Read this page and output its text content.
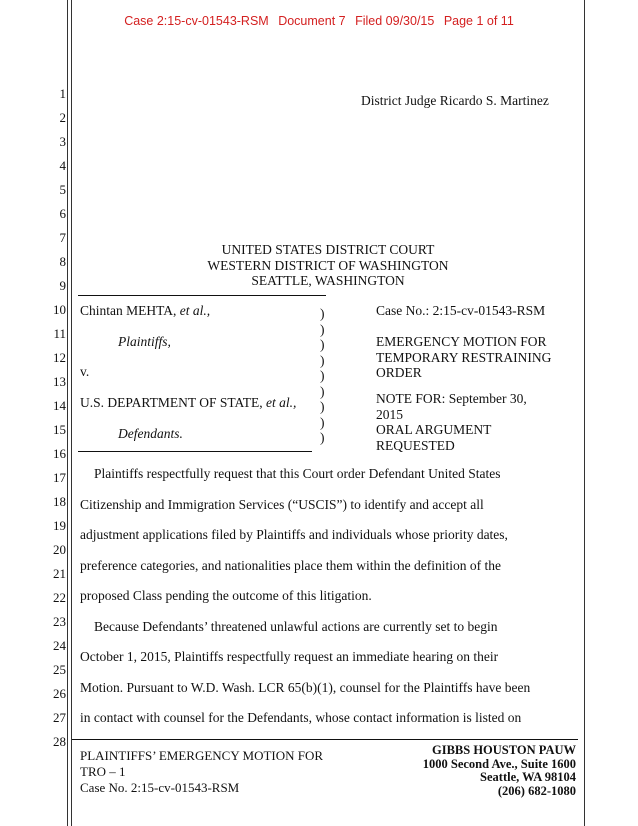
Case 2:15-cv-01543-RSM Document 7 Filed 09/30/15 Page 1 of 11
1
2
3
4
5
6
7
8
9
10
11
12
13
14
15
16
17
18
19
20
21
22
23
24
25
26
27
28
District Judge Ricardo S. Martinez
UNITED STATES DISTRICT COURT
WESTERN DISTRICT OF WASHINGTON
SEATTLE, WASHINGTON
Chintan MEHTA, et al.,
Plaintiffs,
v.
U.S. DEPARTMENT OF STATE, et al.,
Defendants.
)
)
)
)
)
)
)
)
)
Case No.: 2:15-cv-01543-RSM
EMERGENCY MOTION FOR
TEMPORARY RESTRAINING
ORDER
NOTE FOR: September 30,
2015
ORAL ARGUMENT
REQUESTED
Plaintiffs respectfully request that this Court order Defendant United States
Citizenship and Immigration Services (“USCIS”) to identify and accept all
adjustment applications filed by Plaintiffs and individuals whose priority dates,
preference categories, and nationalities place them within the definition of the
proposed Class pending the outcome of this litigation.
Because Defendants’ threatened unlawful actions are currently set to begin
October 1, 2015, Plaintiffs respectfully request an immediate hearing on their
Motion. Pursuant to W.D. Wash. LCR 65(b)(1), counsel for the Plaintiffs have been
in contact with counsel for the Defendants, whose contact information is listed on
PLAINTIFFS’ EMERGENCY MOTION FOR
TRO – 1
Case No. 2:15-cv-01543-RSM
GIBBS HOUSTON PAUW
1000 Second Ave., Suite 1600
Seattle, WA 98104
(206) 682-1080
